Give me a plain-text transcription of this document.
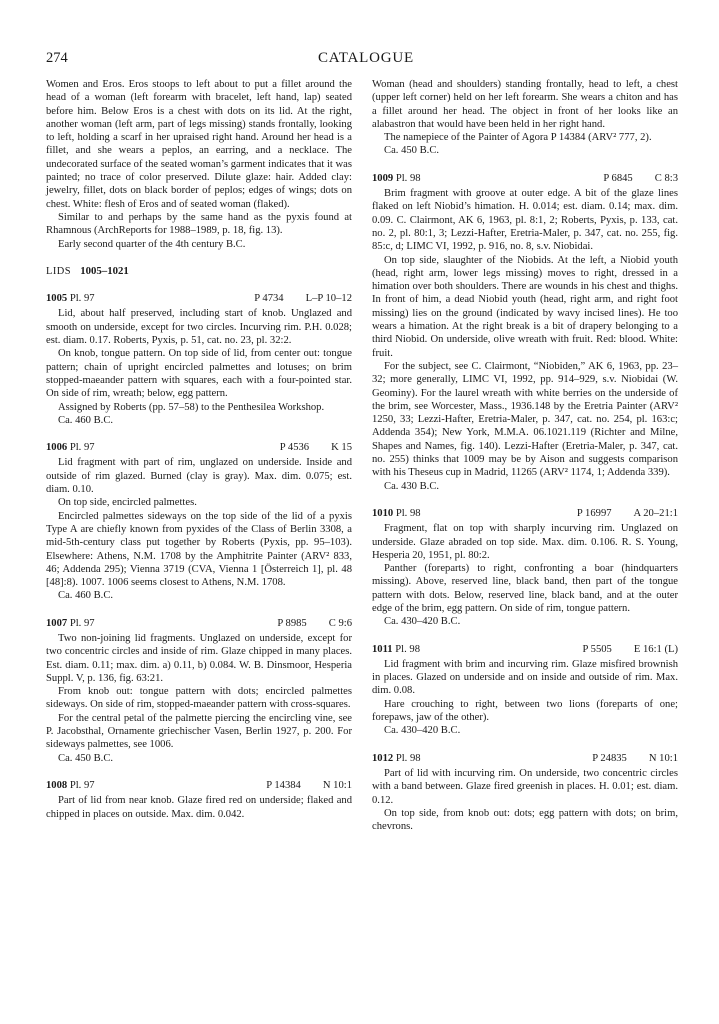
274	CATALOGUE

Women and Eros. Eros stoops to left about to put a fillet around the head of a woman (left forearm with bracelet, left hand, lap) seated before him. Below Eros is a chest with dots on its lid. At the right, another woman (left arm, part of legs missing) stands frontally, looking to left, holding a scarf in her upraised right hand. Around her head is a fillet, and she wears a peplos, an earring, and a necklace. The undecorated surface of the seated woman’s garment indicates that it was painted; no trace of color preserved. Dilute glaze: hair. Added clay: jewelry, fillet, dots on black border of peplos; edges of wings; dots on chest. White: flesh of Eros and of seated woman (flaked).

Similar to and perhaps by the same hand as the pyxis found at Rhamnous (ArchReports for 1988–1989, p. 18, fig. 13).

Early second quarter of the 4th century B.C.

LIDS 1005–1021
1005 Pl. 97	P 4734 L–P 10–12

Lid, about half preserved, including start of knob. Unglazed and smooth on underside, except for two circles. Incurving rim. P.H. 0.028; est. diam. 0.17. Roberts, Pyxis, p. 51, cat. no. 23, pl. 32:2.

On knob, tongue pattern. On top side of lid, from center out: tongue pattern; chain of upright encircled palmettes and lotuses; on brim stopped-maeander pattern with squares, each with a four-pointed star. On side of rim, wreath; below, egg pattern.

Assigned by Roberts (pp. 57–58) to the Penthesilea Workshop.

Ca. 460 B.C.

1006 Pl. 97	P 4536 K 15

Lid fragment with part of rim, unglazed on underside. Inside and outside of rim glazed. Burned (clay is gray). Max. dim. 0.075; est. diam. 0.10.

On top side, encircled palmettes.

Encircled palmettes sideways on the top side of the lid of a pyxis Type A are chiefly known from pyxides of the Class of Berlin 3308, a mid-5th-century class put together by Roberts (Pyxis, pp. 95–103). Elsewhere: Athens, N.M. 1708 by the Amphitrite Painter (ARV² 833, 46; Addenda 295); Vienna 3719 (CVA, Vienna 1 [Österreich 1], pl. 48 [48]:8). 1007. 1006 seems closest to Athens, N.M. 1708.

Ca. 460 B.C.

1007 Pl. 97	P 8985 C 9:6

Two non-joining lid fragments. Unglazed on underside, except for two concentric circles and inside of rim. Glaze chipped in many places. Est. diam. 0.11; max. dim. a) 0.11, b) 0.084. W. B. Dinsmoor, Hesperia Suppl. V, p. 136, fig. 63:21.

From knob out: tongue pattern with dots; encircled palmettes sideways. On side of rim, stopped-maeander pattern with cross-squares.

For the central petal of the palmette piercing the encircling vine, see P. Jacobsthal, Ornamente griechischer Vasen, Berlin 1927, p. 200. For sideways palmettes, see 1006.

Ca. 450 B.C.

1008 Pl. 97	P 14384 N 10:1

Part of lid from near knob. Glaze fired red on underside; flaked and chipped in places on outside. Max. dim. 0.042.

Woman (head and shoulders) standing frontally, head to left, a chest (upper left corner) held on her left forearm. She wears a chiton and has a fillet around her head. The object in front of her looks like an alabastron that would have been held in her right hand.

The namepiece of the Painter of Agora P 14384 (ARV² 777, 2).

Ca. 450 B.C.

1009 Pl. 98	P 6845 C 8:3

Brim fragment with groove at outer edge. A bit of the glaze lines flaked on left Niobid’s himation. H. 0.014; est. diam. 0.14; max. dim. 0.09. C. Clairmont, AK 6, 1963, pl. 8:1, 2; Roberts, Pyxis, p. 133, cat. no. 2, pl. 80:1, 3; Lezzi-Hafter, Eretria-Maler, p. 347, cat. no. 255, fig. 85:c, d; LIMC VI, 1992, p. 916, no. 8, s.v. Niobidai.

On top side, slaughter of the Niobids. At the left, a Niobid youth (head, right arm, lower legs missing) moves to right, dressed in a himation over both shoulders. There are wounds in his chest and thighs. In front of him, a dead Niobid youth (head, right arm, and right foot missing) lies on the ground (indicated by wavy incised lines). He too wears a himation. At the right break is a bit of drapery belonging to a third Niobid. On underside, olive wreath with fruit. Red: blood. White: fruit.

For the subject, see C. Clairmont, “Niobiden,” AK 6, 1963, pp. 23–32; more generally, LIMC VI, 1992, pp. 914–929, s.v. Niobidai (W. Geominy). For the laurel wreath with white berries on the underside of the brim, see Worcester, Mass., 1936.148 by the Eretria Painter (ARV² 1250, 33; Lezzi-Hafter, Eretria-Maler, p. 347, cat. no. 254, pl. 163:c; Addenda 354); New York, M.M.A. 06.1021.119 (Richter and Milne, Shapes and Names, fig. 140). Lezzi-Hafter (Eretria-Maler, p. 347, cat. no. 255) thinks that 1009 may be by Aison and suggests comparison with his Theseus cup in Madrid, 11265 (ARV² 1174, 1; Addenda 339).

Ca. 430 B.C.

1010 Pl. 98	P 16997 A 20–21:1

Fragment, flat on top with sharply incurving rim. Unglazed on underside. Glaze abraded on top side. Max. dim. 0.106. R. S. Young, Hesperia 20, 1951, pl. 80:2.

Panther (foreparts) to right, confronting a boar (hindquarters missing). Above, reserved line, black band, then part of the tongue pattern with dots. Below, reserved line, black band, and at the outer edge of the brim, egg pattern. On side of rim, tongue pattern.

Ca. 430–420 B.C.

1011 Pl. 98	P 5505 E 16:1 (L)

Lid fragment with brim and incurving rim. Glaze misfired brownish in places. Glazed on underside and on inside and outside of rim. Max. dim. 0.08.

Hare crouching to right, between two lions (foreparts of one; forepaws, jaw of the other).

Ca. 430–420 B.C.

1012 Pl. 98	P 24835 N 10:1

Part of lid with incurving rim. On underside, two concentric circles with a band between. Glaze fired greenish in places. H. 0.01; est. diam. 0.12.

On top side, from knob out: dots; egg pattern with dots; on brim, chevrons.
